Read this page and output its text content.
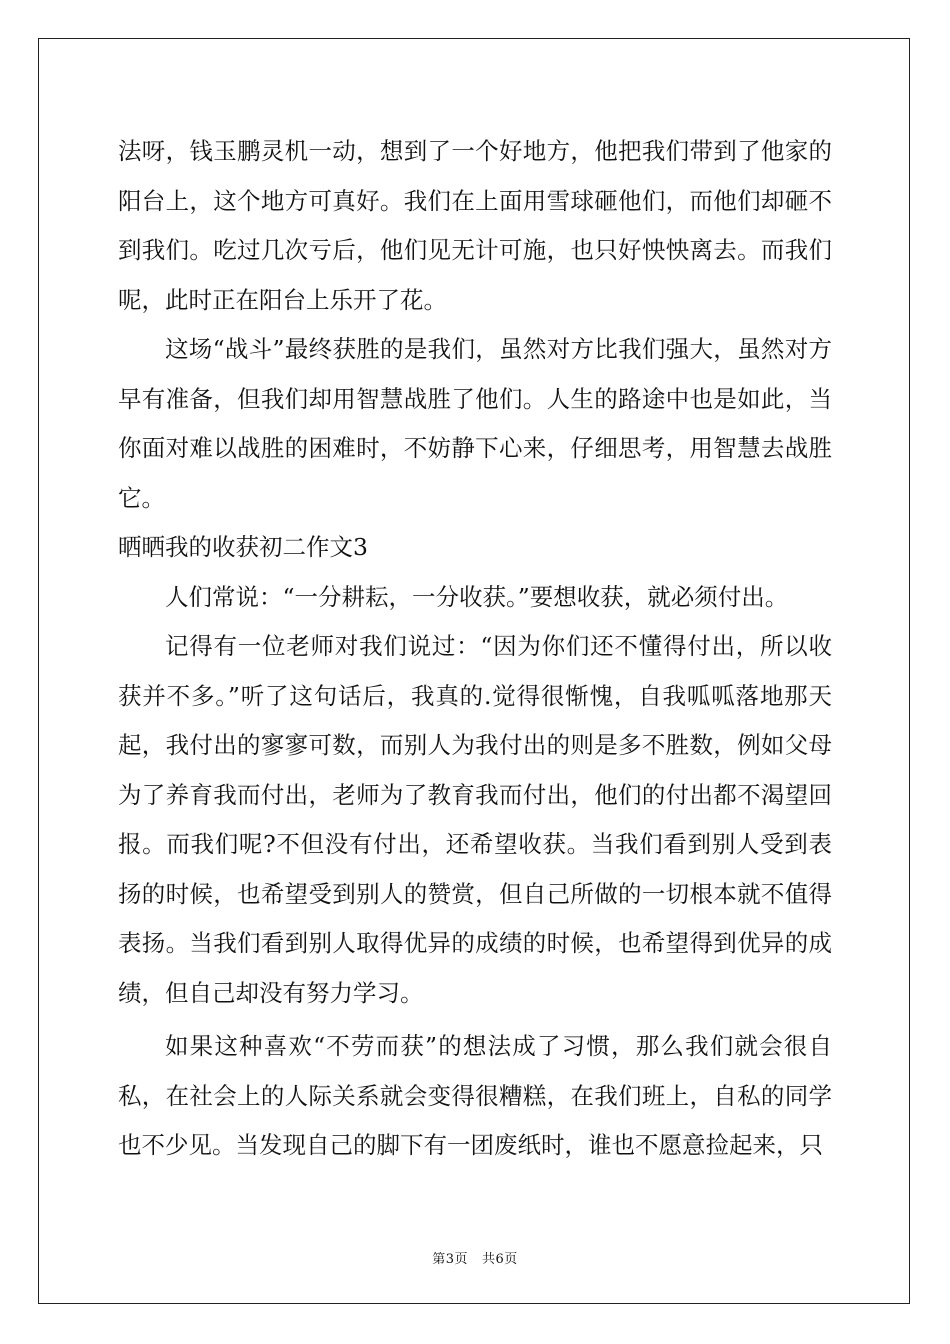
法呀，钱玉鹏灵机一动，想到了一个好地方，他把我们带到了他家的阳台上，这个地方可真好。我们在上面用雪球砸他们，而他们却砸不到我们。吃过几次亏后，他们见无计可施，也只好怏怏离去。而我们呢，此时正在阳台上乐开了花。

这场“战斗”最终获胜的是我们，虽然对方比我们强大，虽然对方早有准备，但我们却用智慧战胜了他们。人生的路途中也是如此，当你面对难以战胜的困难时，不妨静下心来，仔细思考，用智慧去战胜它。

晒晒我的收获初二作文3

人们常说：“一分耕耘，一分收获。”要想收获，就必须付出。

记得有一位老师对我们说过：“因为你们还不懂得付出，所以收获并不多。”听了这句话后，我真的.觉得很惭愧，自我呱呱落地那天起，我付出的寥寥可数，而别人为我付出的则是多不胜数，例如父母为了养育我而付出，老师为了教育我而付出，他们的付出都不渴望回报。而我们呢?不但没有付出，还希望收获。当我们看到别人受到表扬的时候，也希望受到别人的赞赏，但自己所做的一切根本就不值得表扬。当我们看到别人取得优异的成绩的时候，也希望得到优异的成绩，但自己却没有努力学习。

如果这种喜欢“不劳而获”的想法成了习惯，那么我们就会很自私，在社会上的人际关系就会变得很糟糕，在我们班上，自私的同学也不少见。当发现自己的脚下有一团废纸时，谁也不愿意捡起来，只

第3页 共6页
